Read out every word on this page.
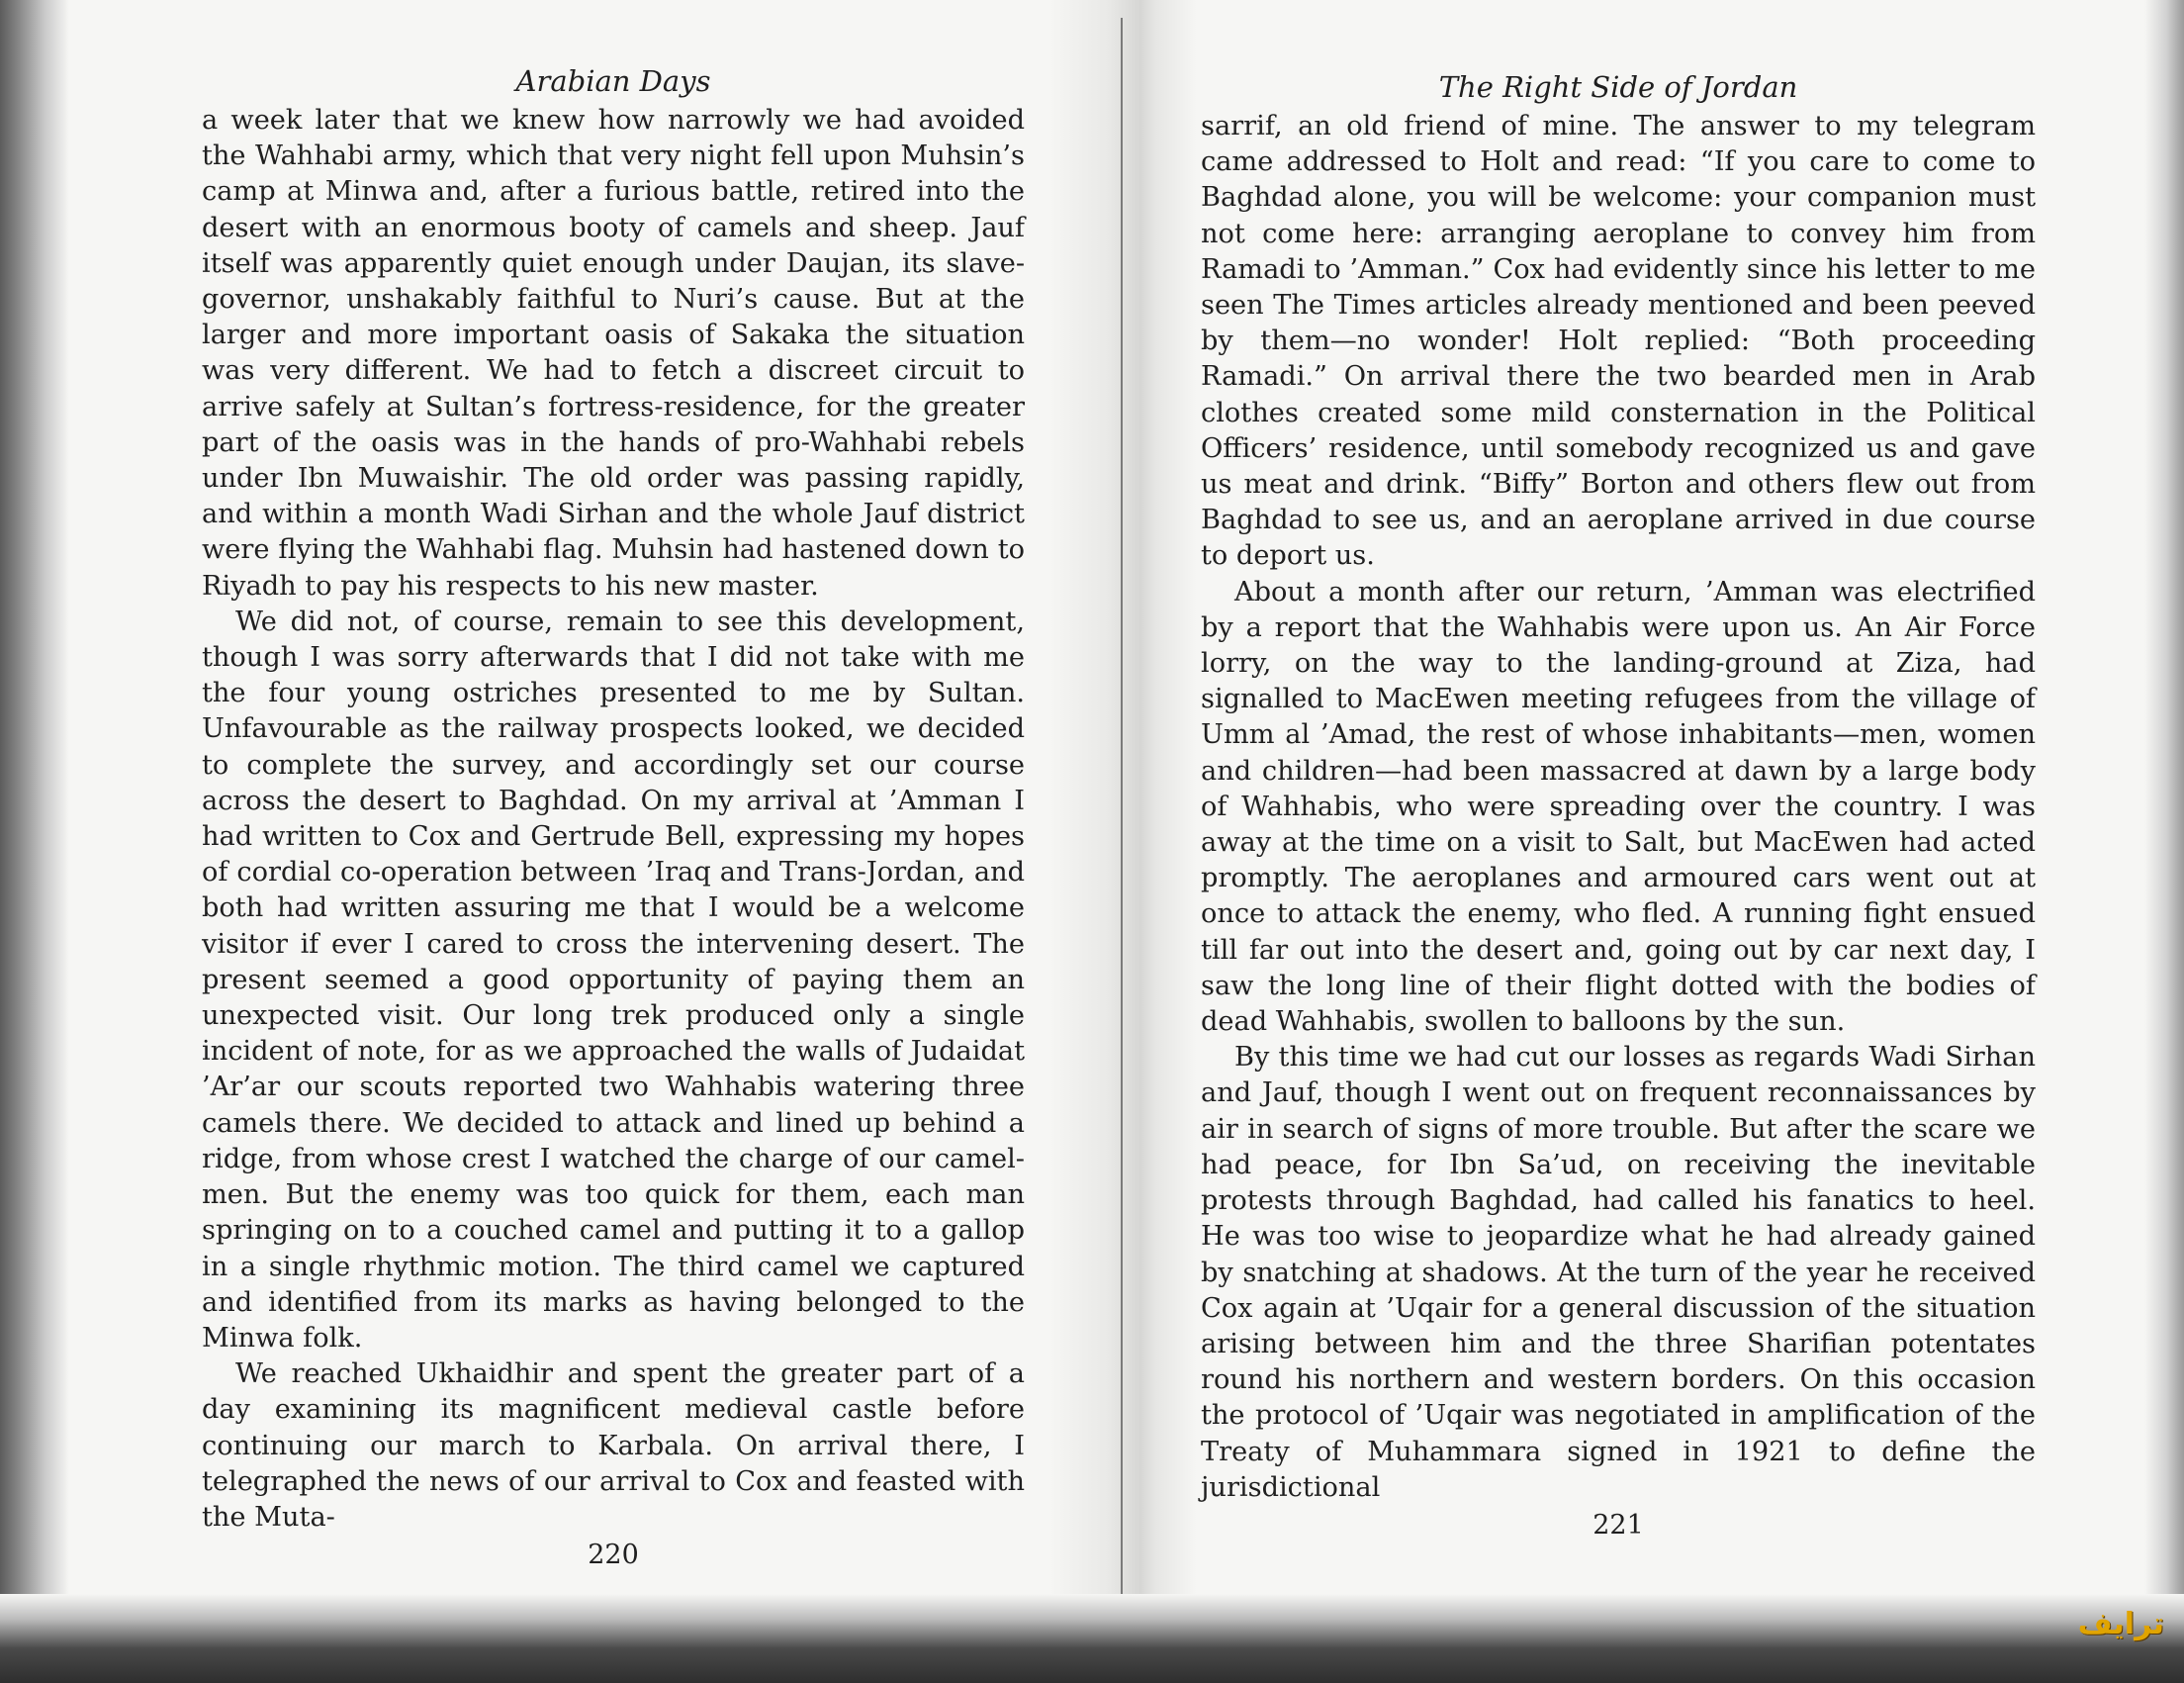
Arabian Days

a week later that we knew how narrowly we had avoided the Wahhabi army, which that very night fell upon Muhsin’s camp at Minwa and, after a furious battle, retired into the desert with an enormous booty of camels and sheep. Jauf itself was apparently quiet enough under Daujan, its slave-governor, unshakably faithful to Nuri’s cause. But at the larger and more important oasis of Sakaka the situation was very different. We had to fetch a discreet circuit to arrive safely at Sultan’s fortress-residence, for the greater part of the oasis was in the hands of pro-Wahhabi rebels under Ibn Muwaishir. The old order was passing rapidly, and within a month Wadi Sirhan and the whole Jauf district were flying the Wahhabi flag. Muhsin had hastened down to Riyadh to pay his respects to his new master.

We did not, of course, remain to see this development, though I was sorry afterwards that I did not take with me the four young ostriches presented to me by Sultan. Unfavourable as the railway prospects looked, we decided to complete the survey, and accordingly set our course across the desert to Baghdad. On my arrival at ’Amman I had written to Cox and Gertrude Bell, expressing my hopes of cordial co-operation between ’Iraq and Trans-Jordan, and both had written assuring me that I would be a welcome visitor if ever I cared to cross the intervening desert. The present seemed a good opportunity of paying them an unexpected visit. Our long trek produced only a single incident of note, for as we approached the walls of Judaidat ’Ar’ar our scouts reported two Wahhabis watering three camels there. We decided to attack and lined up behind a ridge, from whose crest I watched the charge of our camel-men. But the enemy was too quick for them, each man springing on to a couched camel and putting it to a gallop in a single rhythmic motion. The third camel we captured and identified from its marks as having belonged to the Minwa folk.

We reached Ukhaidhir and spent the greater part of a day examining its magnificent medieval castle before continuing our march to Karbala. On arrival there, I telegraphed the news of our arrival to Cox and feasted with the Muta-

220

The Right Side of Jordan

sarrif, an old friend of mine. The answer to my telegram came addressed to Holt and read: “If you care to come to Baghdad alone, you will be welcome: your companion must not come here: arranging aeroplane to convey him from Ramadi to ’Amman.” Cox had evidently since his letter to me seen The Times articles already mentioned and been peeved by them—no wonder! Holt replied: “Both proceeding Ramadi.” On arrival there the two bearded men in Arab clothes created some mild consternation in the Political Officers’ residence, until somebody recognized us and gave us meat and drink. “Biffy” Borton and others flew out from Baghdad to see us, and an aeroplane arrived in due course to deport us.

About a month after our return, ’Amman was electrified by a report that the Wahhabis were upon us. An Air Force lorry, on the way to the landing-ground at Ziza, had signalled to MacEwen meeting refugees from the village of Umm al ’Amad, the rest of whose inhabitants—men, women and children—had been massacred at dawn by a large body of Wahhabis, who were spreading over the country. I was away at the time on a visit to Salt, but MacEwen had acted promptly. The aeroplanes and armoured cars went out at once to attack the enemy, who fled. A running fight ensued till far out into the desert and, going out by car next day, I saw the long line of their flight dotted with the bodies of dead Wahhabis, swollen to balloons by the sun.

By this time we had cut our losses as regards Wadi Sirhan and Jauf, though I went out on frequent reconnaissances by air in search of signs of more trouble. But after the scare we had peace, for Ibn Sa’ud, on receiving the inevitable protests through Baghdad, had called his fanatics to heel. He was too wise to jeopardize what he had already gained by snatching at shadows. At the turn of the year he received Cox again at ’Uqair for a general discussion of the situation arising between him and the three Sharifian potentates round his northern and western borders. On this occasion the protocol of ’Uqair was negotiated in amplification of the Treaty of Muhammara signed in 1921 to define the jurisdictional

221

ترايف
